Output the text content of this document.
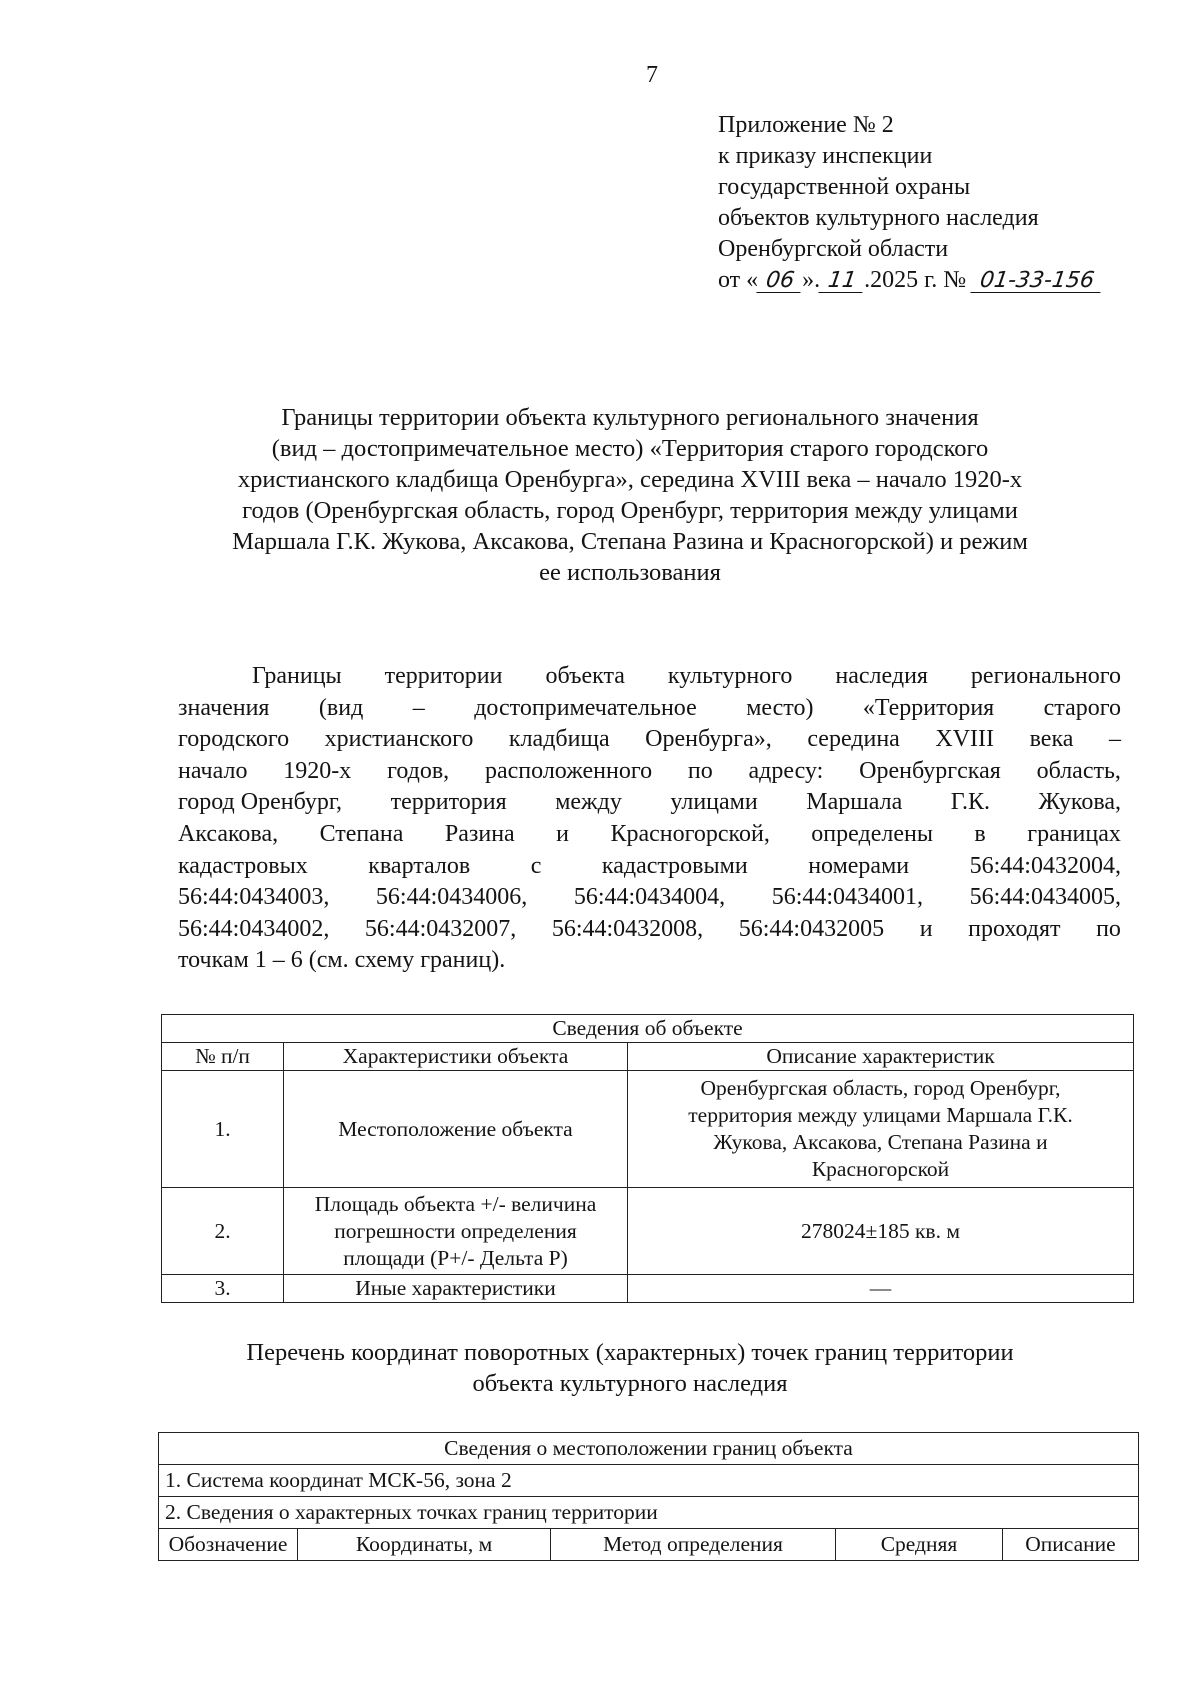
7
Приложение № 2
к приказу инспекции
государственной охраны
объектов культурного наследия
Оренбургской области
от « 06 ». 11 .2025 г. № 01-33-156
Границы территории объекта культурного регионального значения
(вид – достопримечательное место) «Территория старого городского
христианского кладбища Оренбурга», середина XVIII века – начало 1920-х
годов (Оренбургская область, город Оренбург, территория между улицами
Маршала Г.К. Жукова, Аксакова, Степана Разина и Красногорской) и режим
ее использования
Границы территории объекта культурного наследия регионального
значения (вид – достопримечательное место) «Территория старого
городского христианского кладбища Оренбурга», середина XVIII века –
начало 1920-х годов, расположенного по адресу: Оренбургская область,
город Оренбург, территория между улицами Маршала Г.К. Жукова,
Аксакова, Степана Разина и Красногорской, определены в границах
кадастровых	кварталов	с	кадастровыми	номерами	56:44:0432004,
56:44:0434003, 56:44:0434006, 56:44:0434004, 56:44:0434001, 56:44:0434005,
56:44:0434002, 56:44:0432007, 56:44:0432008, 56:44:0432005 и проходят по
точкам 1 – 6 (см. схему границ).
Сведения об объекте		
№ п/п	Характеристики объекта	Описание характеристик
1.	Местоположение объекта	Оренбургская область, город Оренбург,
территория между улицами Маршала Г.К.
Жукова, Аксакова, Степана Разина и
Красногорской

2.	Площадь объекта +/- величина
погрешности определения
площади (Р+/- Дельта Р)	278024±185 кв. м

3.	Иные характеристики	—
Перечень координат поворотных (характерных) точек границ территории
объекта культурного наследия
Сведения о местоположении границ объекта
1. Система координат МСК-56, зона 2
2. Сведения о характерных точках границ территории
Обозначение	Координаты, м	Метод определения	Средняя	Описание
